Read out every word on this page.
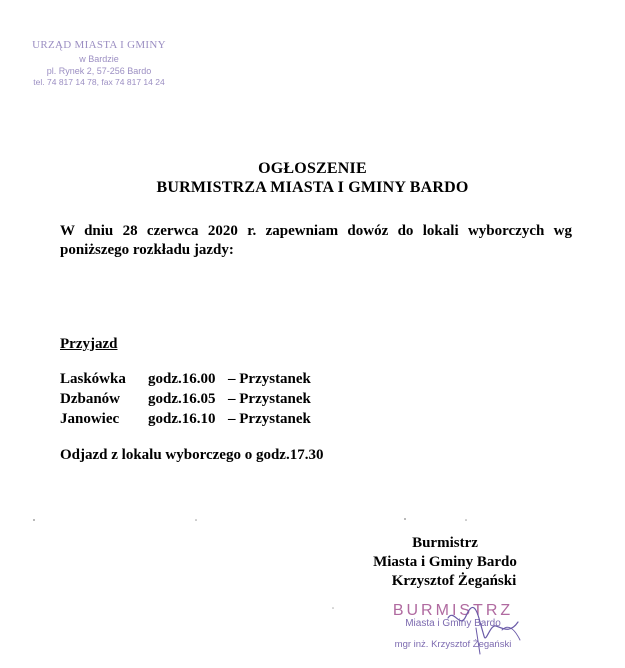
URZĄD MIASTA I GMINY
w Bardzie
pl. Rynek 2, 57-256 Bardo
tel. 74 817 14 78, fax 74 817 14 24
OGŁOSZENIE
BURMISTRZA MIASTA I GMINY BARDO
W dniu 28 czerwca 2020 r. zapewniam dowóz do lokali wyborczych wg poniższego rozkładu jazdy:
Przyjazd
Laskówka godz.16.00 – Przystanek
Dzbanów godz.16.05 – Przystanek
Janowiec godz.16.10 – Przystanek
Odjazd z lokalu wyborczego o godz.17.30
Burmistrz
Miasta i Gminy Bardo
Krzysztof Żegański
BURMISTRZ
Miasta i Gminy Bardo
mgr inż. Krzysztof Żegański
